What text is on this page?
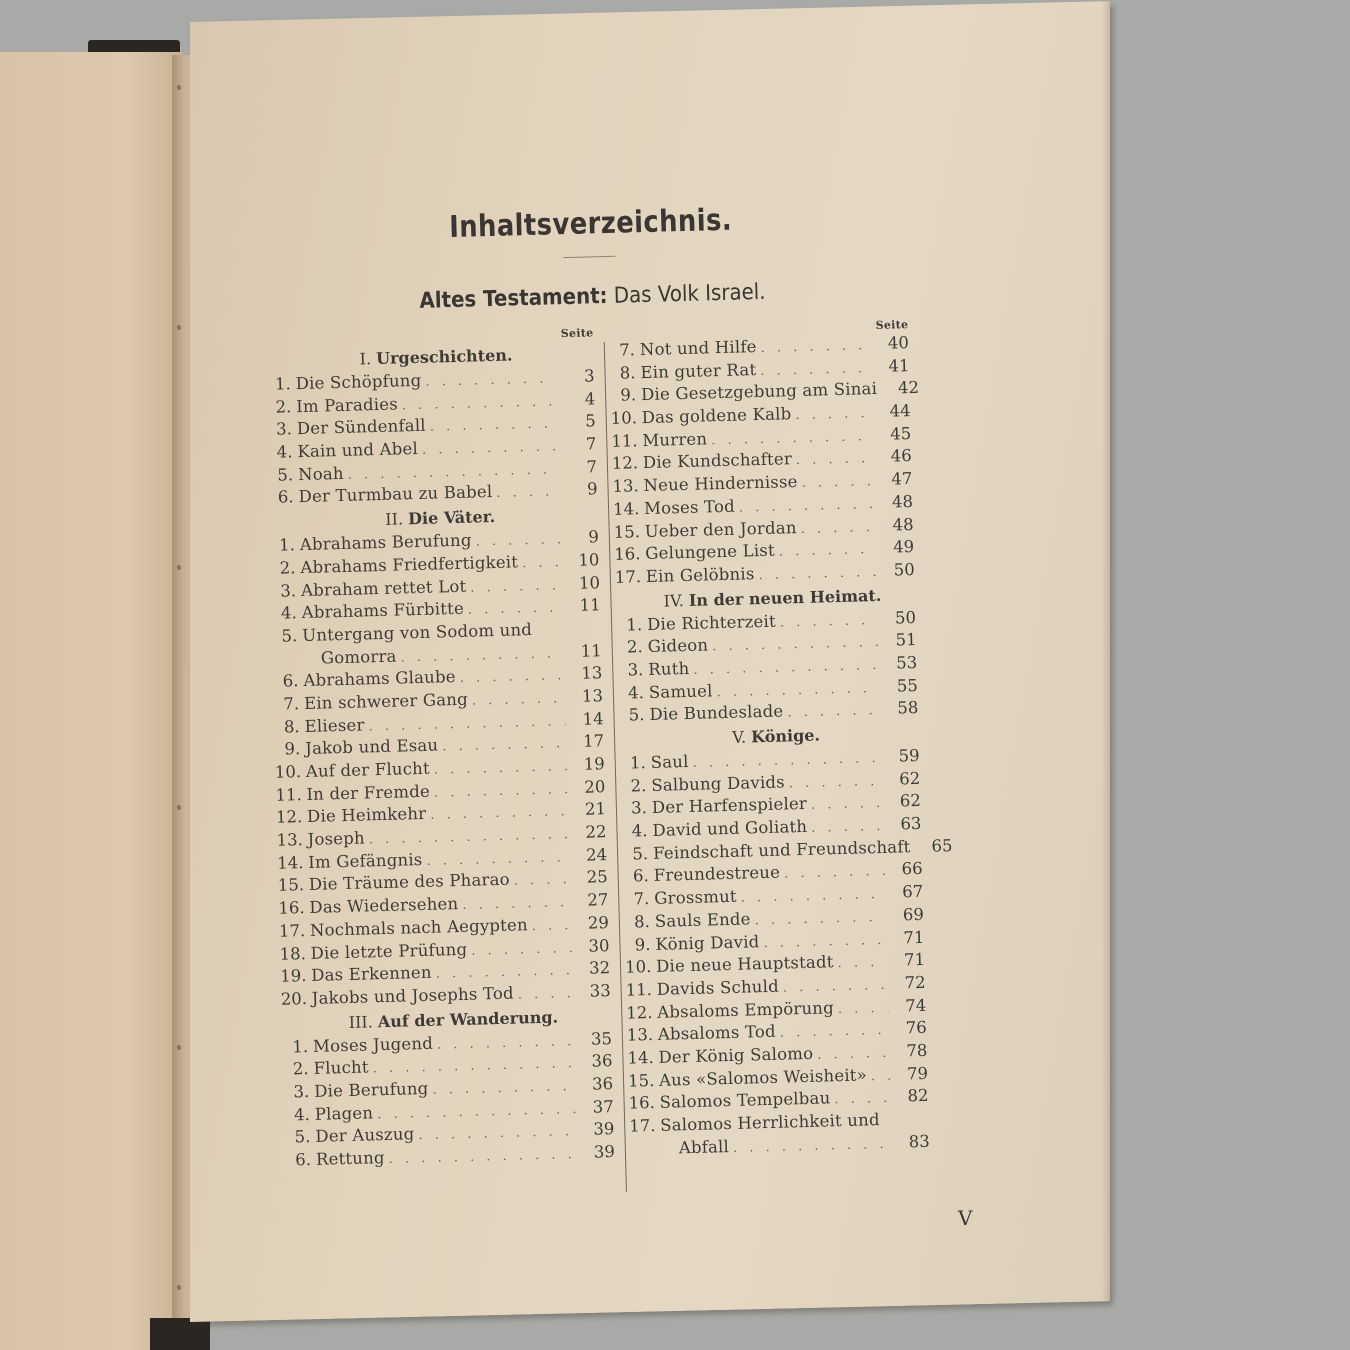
Inhaltsverzeichnis.
Altes Testament: Das Volk Israel.
Seite
I. Urgeschichten.
1. Die Schöpfung . . .	3
2. Im Paradies . . .	4
3. Der Sündenfall . . .	5
4. Kain und Abel . . .	7
5. Noah . . .	7
6. Der Turmbau zu Babel . . .	9
II. Die Väter.
1. Abrahams Berufung . . .	9
2. Abrahams Friedfertigkeit . . .	10
3. Abraham rettet Lot . . .	10
4. Abrahams Fürbitte . . .	11
5. Untergang von Sodom und
Gomorra . . .	11
6. Abrahams Glaube . . .	13
7. Ein schwerer Gang . . .	13
8. Elieser . . .	14
9. Jakob und Esau . . .	17
10. Auf der Flucht . . .	19
11. In der Fremde . . .	20
12. Die Heimkehr . . .	21
13. Joseph . . .	22
14. Im Gefängnis . . .	24
15. Die Träume des Pharao . . .	25
16. Das Wiedersehen . . .	27
17. Nochmals nach Aegypten . . .	29
18. Die letzte Prüfung . . .	30
19. Das Erkennen . . .	32
20. Jakobs und Josephs Tod . . .	33
III. Auf der Wanderung.
1. Moses Jugend . . .	35
2. Flucht . . .	36
3. Die Berufung . . .	36
4. Plagen . . .	37
5. Der Auszug . . .	39
6. Rettung . . .	39
Seite
7. Not und Hilfe . . .	40
8. Ein guter Rat . . .	41
9. Die Gesetzgebung am Sinai . . .	42
10. Das goldene Kalb . . .	44
11. Murren . . .	45
12. Die Kundschafter . . .	46
13. Neue Hindernisse . . .	47
14. Moses Tod . . .	48
15. Ueber den Jordan . . .	48
16. Gelungene List . . .	49
17. Ein Gelöbnis . . .	50
IV. In der neuen Heimat.
1. Die Richterzeit . . .	50
2. Gideon . . .	51
3. Ruth . . .	53
4. Samuel . . .	55
5. Die Bundeslade . . .	58
V. Könige.
1. Saul . . .	59
2. Salbung Davids . . .	62
3. Der Harfenspieler . . .	62
4. David und Goliath . . .	63
5. Feindschaft und Freundschaft . . .	65
6. Freundestreue . . .	66
7. Grossmut . . .	67
8. Sauls Ende . . .	69
9. König David . . .	71
10. Die neue Hauptstadt . . .	71
11. Davids Schuld . . .	72
12. Absaloms Empörung . . .	74
13. Absaloms Tod . . .	76
14. Der König Salomo . . .	78
15. Aus «Salomos Weisheit» . . .	79
16. Salomos Tempelbau . . .	82
17. Salomos Herrlichkeit und
Abfall . . .	83
V
